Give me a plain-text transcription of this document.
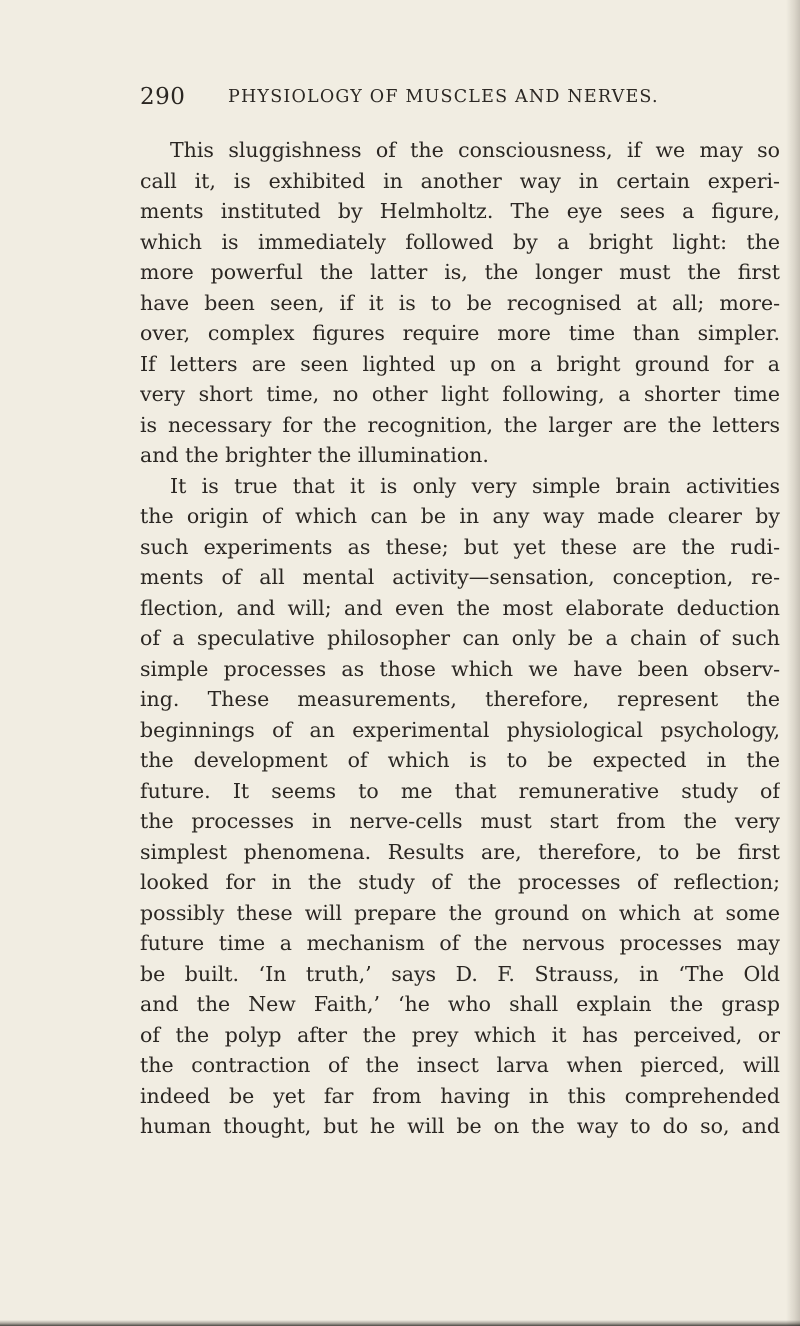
290 PHYSIOLOGY OF MUSCLES AND NERVES.
This sluggishness of the consciousness, if we may so
call it, is exhibited in another way in certain experi-
ments instituted by Helmholtz. The eye sees a figure,
which is immediately followed by a bright light: the
more powerful the latter is, the longer must the first
have been seen, if it is to be recognised at all; more-
over, complex figures require more time than simpler.
If letters are seen lighted up on a bright ground for a
very short time, no other light following, a shorter time
is necessary for the recognition, the larger are the letters
and the brighter the illumination.
It is true that it is only very simple brain activities
the origin of which can be in any way made clearer by
such experiments as these; but yet these are the rudi-
ments of all mental activity—sensation, conception, re-
flection, and will; and even the most elaborate deduction
of a speculative philosopher can only be a chain of such
simple processes as those which we have been observ-
ing. These measurements, therefore, represent the
beginnings of an experimental physiological psychology,
the development of which is to be expected in the
future. It seems to me that remunerative study of
the processes in nerve-cells must start from the very
simplest phenomena. Results are, therefore, to be first
looked for in the study of the processes of reflection;
possibly these will prepare the ground on which at some
future time a mechanism of the nervous processes may
be built. ‘In truth,’ says D. F. Strauss, in ‘The Old
and the New Faith,’ ‘he who shall explain the grasp
of the polyp after the prey which it has perceived, or
the contraction of the insect larva when pierced, will
indeed be yet far from having in this comprehended
human thought, but he will be on the way to do so, and
